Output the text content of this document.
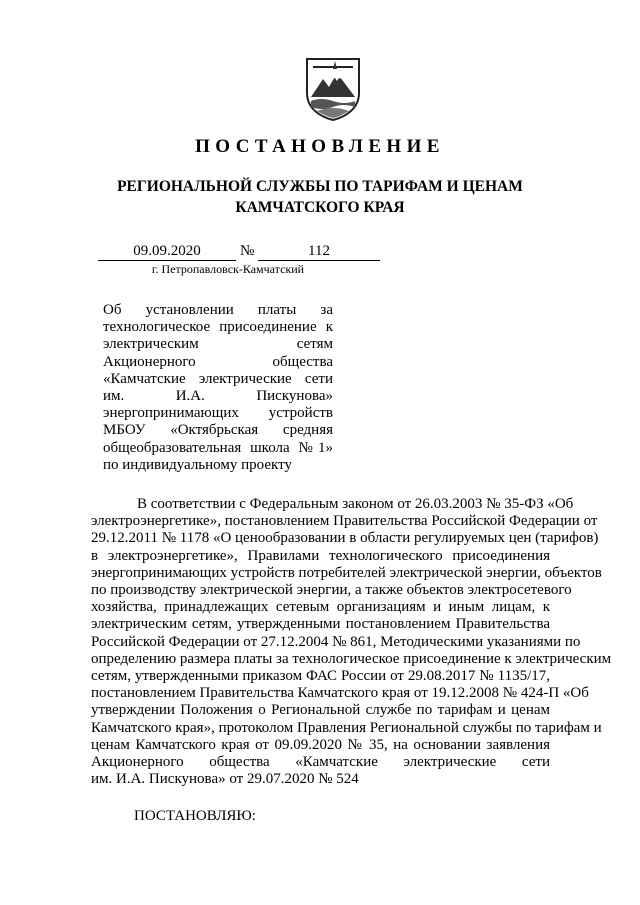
ПОСТАНОВЛЕНИЕ
РЕГИОНАЛЬНОЙ СЛУЖБЫ ПО ТАРИФАМ И ЦЕНАМ
КАМЧАТСКОГО КРАЯ
09.09.2020	№	112
г. Петропавловск-Камчатский
Об установлении платы за
технологическое присоединение к
электрическим сетям
Акционерного общества
«Камчатские электрические сети
им. И.А. Пискунова»
энергопринимающих устройств
МБОУ «Октябрьская средняя
общеобразовательная школа №1»
по индивидуальному проекту
В соответствии с Федеральным законом от 26.03.2003 № 35-ФЗ «Об
электроэнергетике», постановлением Правительства Российской Федерации от
29.12.2011 № 1178 «О ценообразовании в области регулируемых цен (тарифов)
в электроэнергетике», Правилами технологического присоединения
энергопринимающих устройств потребителей электрической энергии, объектов
по производству электрической энергии, а также объектов электросетевого
хозяйства, принадлежащих сетевым организациям и иным лицам, к
электрическим сетям, утвержденными постановлением Правительства
Российской Федерации от 27.12.2004 № 861, Методическими указаниями по
определению размера платы за технологическое присоединение к электрическим
сетям, утвержденными приказом ФАС России от 29.08.2017 № 1135/17,
постановлением Правительства Камчатского края от 19.12.2008 № 424-П «Об
утверждении Положения о Региональной службе по тарифам и ценам
Камчатского края», протоколом Правления Региональной службы по тарифам и
ценам Камчатского края от 09.09.2020 № 35, на основании заявления
Акционерного общества «Камчатские электрические сети
им. И.А. Пискунова» от 29.07.2020 № 524
ПОСТАНОВЛЯЮ:
